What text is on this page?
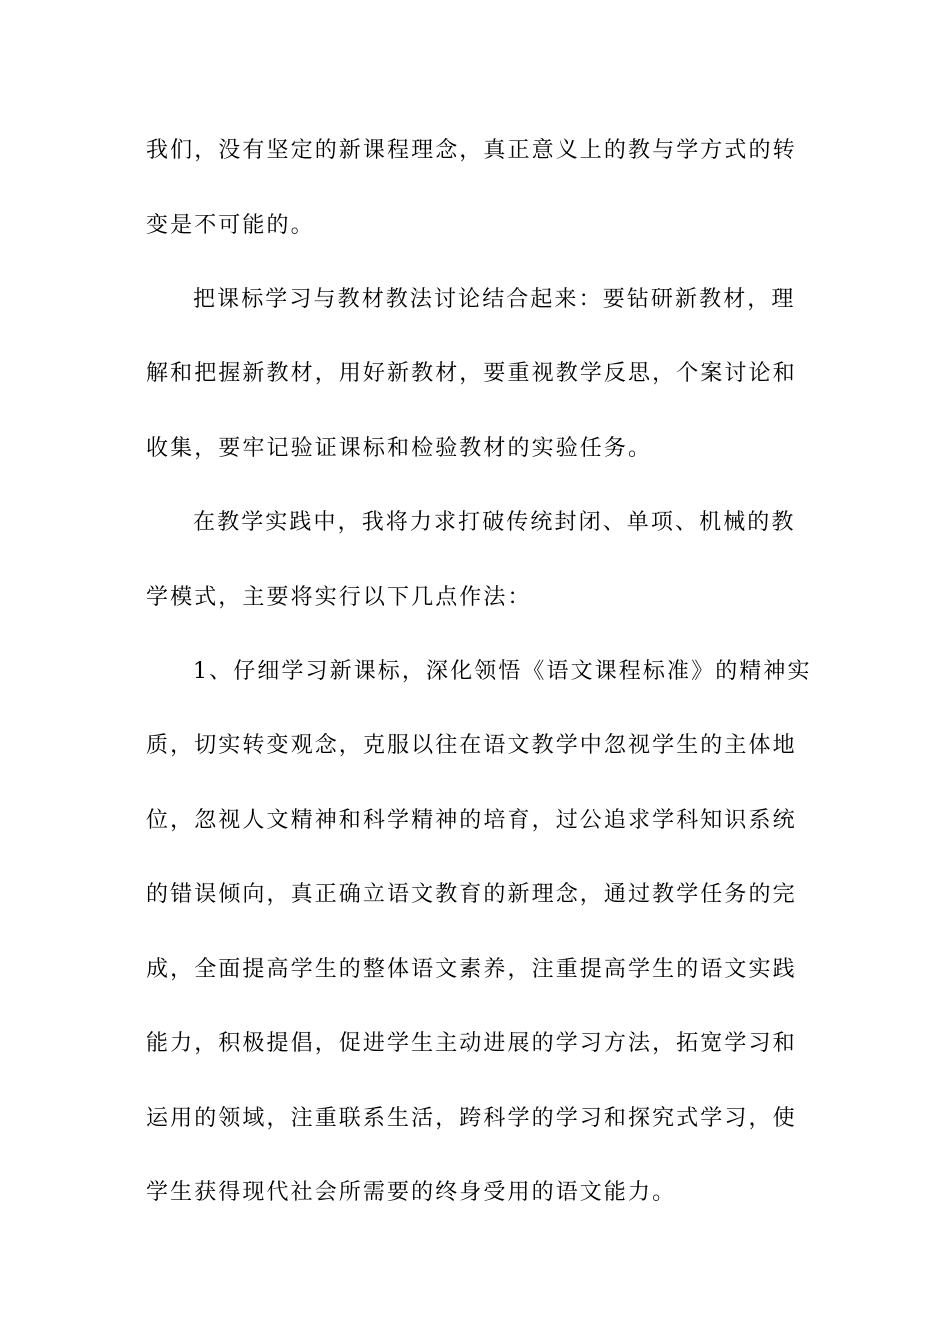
我们，没有坚定的新课程理念，真正意义上的教与学方式的转
变是不可能的。
把课标学习与教材教法讨论结合起来：要钻研新教材，理
解和把握新教材，用好新教材，要重视教学反思，个案讨论和
收集，要牢记验证课标和检验教材的实验任务。
在教学实践中，我将力求打破传统封闭、单项、机械的教
学模式，主要将实行以下几点作法：
1、仔细学习新课标，深化领悟《语文课程标准》的精神实
质，切实转变观念，克服以往在语文教学中忽视学生的主体地
位，忽视人文精神和科学精神的培育，过公追求学科知识系统
的错误倾向，真正确立语文教育的新理念，通过教学任务的完
成，全面提高学生的整体语文素养，注重提高学生的语文实践
能力，积极提倡，促进学生主动进展的学习方法，拓宽学习和
运用的领域，注重联系生活，跨科学的学习和探究式学习，使
学生获得现代社会所需要的终身受用的语文能力。
